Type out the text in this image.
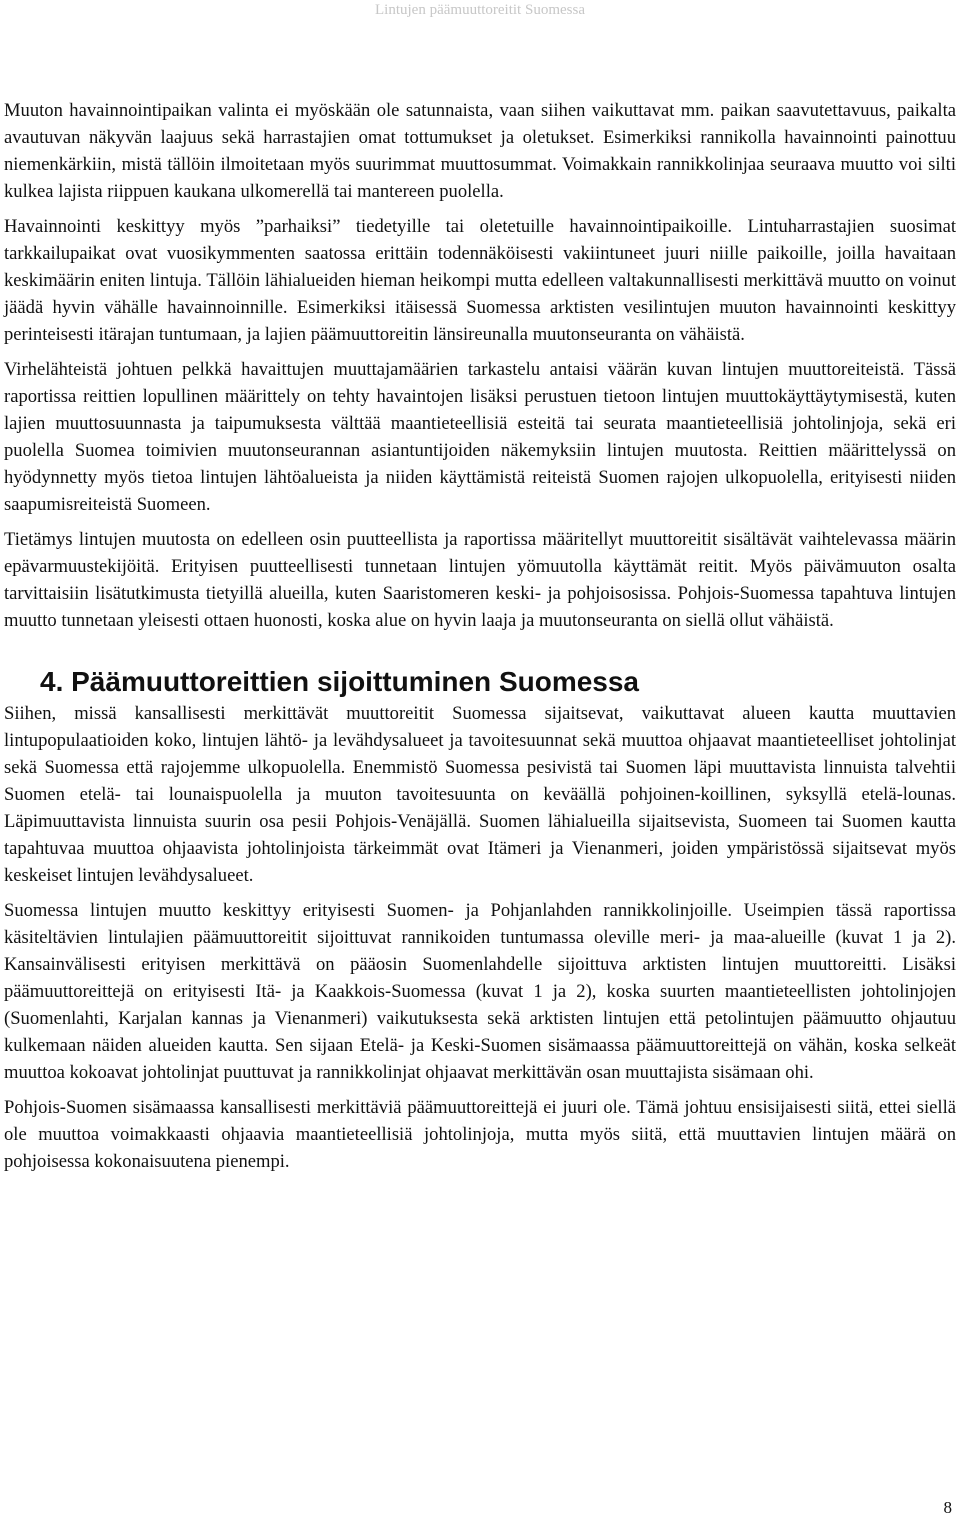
Lintujen päämuuttoreitit Suomessa

Muuton havainnointipaikan valinta ei myöskään ole satunnaista, vaan siihen vaikuttavat mm. paikan saavutettavuus, paikalta avautuvan näkyvän laajuus sekä harrastajien omat tottumukset ja oletukset. Esimerkiksi rannikolla havainnointi painottuu niemenkärkiin, mistä tällöin ilmoitetaan myös suurimmat muuttosummat. Voimakkain rannikkolinjaa seuraava muutto voi silti kulkea lajista riippuen kaukana ulkomerellä tai mantereen puolella.

Havainnointi keskittyy myös ”parhaiksi” tiedetyille tai oletetuille havainnointipaikoille. Lintuharrastajien suosimat tarkkailupaikat ovat vuosikymmenten saatossa erittäin todennäköisesti vakiintuneet juuri niille paikoille, joilla havaitaan keskimäärin eniten lintuja. Tällöin lähialueiden hieman heikompi mutta edelleen valtakunnallisesti merkittävä muutto on voinut jäädä hyvin vähälle havainnoinnille. Esimerkiksi itäisessä Suomessa arktisten vesilintujen muuton havainnointi keskittyy perinteisesti itärajan tuntumaan, ja lajien päämuuttoreitin länsireunalla muutonseuranta on vähäistä.

Virhelähteistä johtuen pelkkä havaittujen muuttajamäärien tarkastelu antaisi väärän kuvan lintujen muuttoreiteistä. Tässä raportissa reittien lopullinen määrittely on tehty havaintojen lisäksi perustuen tietoon lintujen muuttokäyttäytymisestä, kuten lajien muuttosuunnasta ja taipumuksesta välttää maantieteellisiä esteitä tai seurata maantieteellisiä johtolinjoja, sekä eri puolella Suomea toimivien muutonseurannan asiantuntijoiden näkemyksiin lintujen muutosta. Reittien määrittelyssä on hyödynnetty myös tietoa lintujen lähtöalueista ja niiden käyttämistä reiteistä Suomen rajojen ulkopuolella, erityisesti niiden saapumisreiteistä Suomeen.

Tietämys lintujen muutosta on edelleen osin puutteellista ja raportissa määritellyt muuttoreitit sisältävät vaihtelevassa määrin epävarmuustekijöitä. Erityisen puutteellisesti tunnetaan lintujen yömuutolla käyttämät reitit. Myös päivämuuton osalta tarvittaisiin lisätutkimusta tietyillä alueilla, kuten Saaristomeren keski- ja pohjoisosissa. Pohjois-Suomessa tapahtuva lintujen muutto tunnetaan yleisesti ottaen huonosti, koska alue on hyvin laaja ja muutonseuranta on siellä ollut vähäistä.

4. Päämuuttoreittien sijoittuminen Suomessa

Siihen, missä kansallisesti merkittävät muuttoreitit Suomessa sijaitsevat, vaikuttavat alueen kautta muuttavien lintupopulaatioiden koko, lintujen lähtö- ja levähdysalueet ja tavoitesuunnat sekä muuttoa ohjaavat maantieteelliset johtolinjat sekä Suomessa että rajojemme ulkopuolella. Enemmistö Suomessa pesivistä tai Suomen läpi muuttavista linnuista talvehtii Suomen etelä- tai lounaispuolella ja muuton tavoitesuunta on keväällä pohjoinen-koillinen, syksyllä etelä-lounas. Läpimuuttavista linnuista suurin osa pesii Pohjois-Venäjällä. Suomen lähialueilla sijaitsevista, Suomeen tai Suomen kautta tapahtuvaa muuttoa ohjaavista johtolinjoista tärkeimmät ovat Itämeri ja Vienanmeri, joiden ympäristössä sijaitsevat myös keskeiset lintujen levähdysalueet.

Suomessa lintujen muutto keskittyy erityisesti Suomen- ja Pohjanlahden rannikkolinjoille. Useimpien tässä raportissa käsiteltävien lintulajien päämuuttoreitit sijoittuvat rannikoiden tuntumassa oleville meri- ja maa-alueille (kuvat 1 ja 2). Kansainvälisesti erityisen merkittävä on pääosin Suomenlahdelle sijoittuva arktisten lintujen muuttoreitti. Lisäksi päämuuttoreittejä on erityisesti Itä- ja Kaakkois-Suomessa (kuvat 1 ja 2), koska suurten maantieteellisten johtolinjojen (Suomenlahti, Karjalan kannas ja Vienanmeri) vaikutuksesta sekä arktisten lintujen että petolintujen päämuutto ohjautuu kulkemaan näiden alueiden kautta. Sen sijaan Etelä- ja Keski-Suomen sisämaassa päämuuttoreittejä on vähän, koska selkeät muuttoa kokoavat johtolinjat puuttuvat ja rannikkolinjat ohjaavat merkittävän osan muuttajista sisämaan ohi.

Pohjois-Suomen sisämaassa kansallisesti merkittäviä päämuuttoreittejä ei juuri ole. Tämä johtuu ensisijaisesti siitä, ettei siellä ole muuttoa voimakkaasti ohjaavia maantieteellisiä johtolinjoja, mutta myös siitä, että muuttavien lintujen määrä on pohjoisessa kokonaisuutena pienempi.

8
